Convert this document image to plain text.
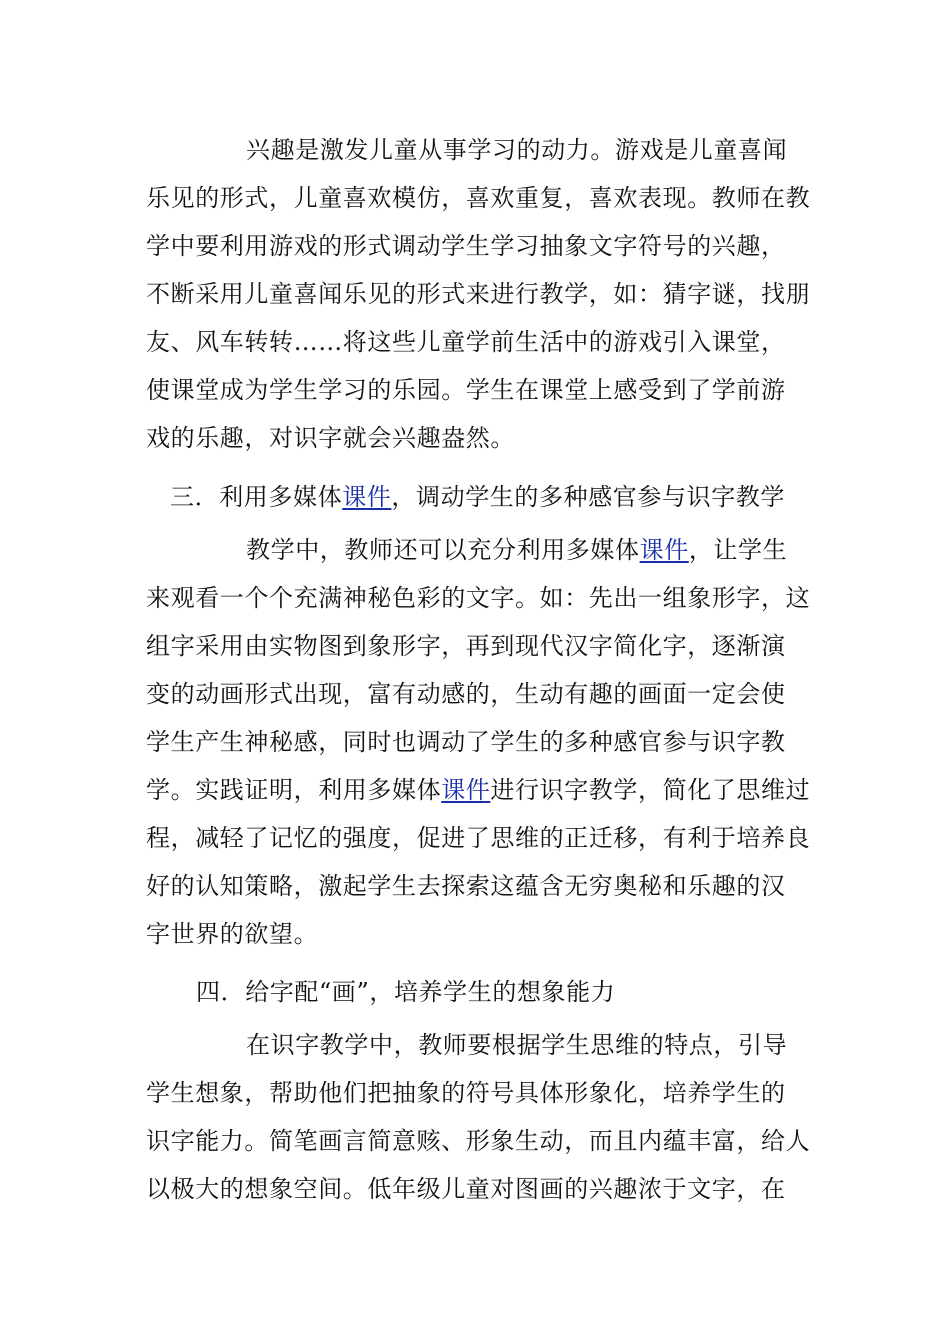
兴趣是激发儿童从事学习的动力。游戏是儿童喜闻
乐见的形式，儿童喜欢模仿，喜欢重复，喜欢表现。教师在教
学中要利用游戏的形式调动学生学习抽象文字符号的兴趣，
不断采用儿童喜闻乐见的形式来进行教学，如：猜字谜，找朋
友、风车转转……将这些儿童学前生活中的游戏引入课堂，
使课堂成为学生学习的乐园。学生在课堂上感受到了学前游
戏的乐趣，对识字就会兴趣盎然。
三．利用多媒体课件，调动学生的多种感官参与识字教学
教学中，教师还可以充分利用多媒体课件，让学生
来观看一个个充满神秘色彩的文字。如：先出一组象形字，这
组字采用由实物图到象形字，再到现代汉字简化字，逐渐演
变的动画形式出现，富有动感的，生动有趣的画面一定会使
学生产生神秘感，同时也调动了学生的多种感官参与识字教
学。实践证明，利用多媒体课件进行识字教学，简化了思维过
程，减轻了记忆的强度，促进了思维的正迁移，有利于培养良
好的认知策略，激起学生去探索这蕴含无穷奥秘和乐趣的汉
字世界的欲望。
四．给字配“画”，培养学生的想象能力
在识字教学中，教师要根据学生思维的特点，引导
学生想象，帮助他们把抽象的符号具体形象化，培养学生的
识字能力。简笔画言简意赅、形象生动，而且内蕴丰富，给人
以极大的想象空间。低年级儿童对图画的兴趣浓于文字，在
